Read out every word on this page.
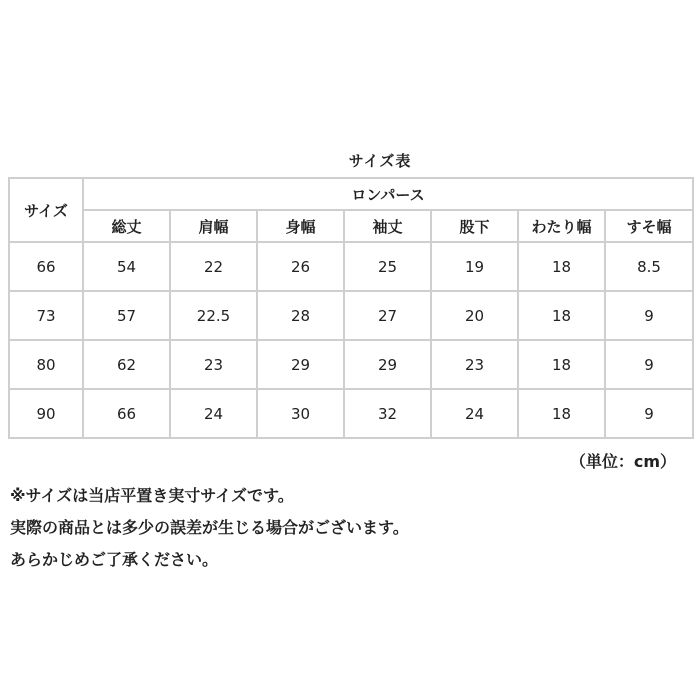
サイズ表
サイズ	ロンパース						
	総丈	肩幅	身幅	袖丈	股下	わたり幅	すそ幅
66	54	22	26	25	19	18	8.5
73	57	22.5	28	27	20	18	9
80	62	23	29	29	23	18	9
90	66	24	30	32	24	18	9
（単位：cm）
※サイズは当店平置き実寸サイズです。
実際の商品とは多少の誤差が生じる場合がございます。
あらかじめご了承ください。
